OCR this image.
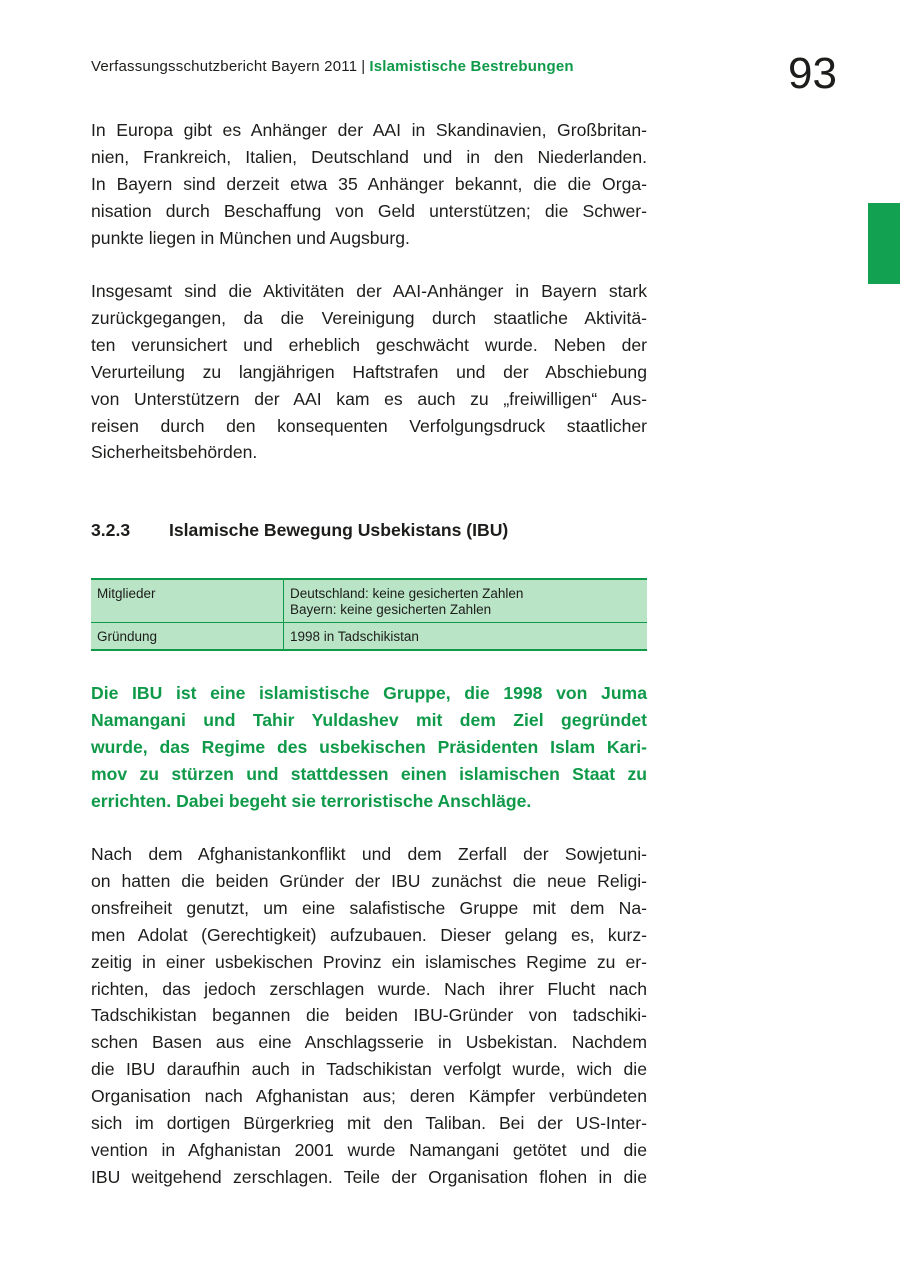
Verfassungsschutzbericht Bayern 2011 | Islamistische Bestrebungen	93

In Europa gibt es Anhänger der AAI in Skandinavien, Großbritan-
nien, Frankreich, Italien, Deutschland und in den Niederlanden.
In Bayern sind derzeit etwa 35 Anhänger bekannt, die die Orga-
nisation durch Beschaffung von Geld unterstützen; die Schwer-
punkte liegen in München und Augsburg.

Insgesamt sind die Aktivitäten der AAI-Anhänger in Bayern stark
zurückgegangen, da die Vereinigung durch staatliche Aktivitä-
ten verunsichert und erheblich geschwächt wurde. Neben der
Verurteilung zu langjährigen Haftstrafen und der Abschiebung
von Unterstützern der AAI kam es auch zu „freiwilligen“ Aus-
reisen durch den konsequenten Verfolgungsdruck staatlicher
Sicherheitsbehörden.

3.2.3 Islamische Bewegung Usbekistans (IBU)
Mitglieder	Deutschland: keine gesicherten Zahlen
Bayern: keine gesicherten Zahlen
Gründung	1998 in Tadschikistan

Die IBU ist eine islamistische Gruppe, die 1998 von Juma
Namangani und Tahir Yuldashev mit dem Ziel gegründet
wurde, das Regime des usbekischen Präsidenten Islam Kari-
mov zu stürzen und stattdessen einen islamischen Staat zu
errichten. Dabei begeht sie terroristische Anschläge.

Nach dem Afghanistankonflikt und dem Zerfall der Sowjetuni-
on hatten die beiden Gründer der IBU zunächst die neue Religi-
onsfreiheit genutzt, um eine salafistische Gruppe mit dem Na-
men Adolat (Gerechtigkeit) aufzubauen. Dieser gelang es, kurz-
zeitig in einer usbekischen Provinz ein islamisches Regime zu er-
richten, das jedoch zerschlagen wurde. Nach ihrer Flucht nach
Tadschikistan begannen die beiden IBU-Gründer von tadschiki-
schen Basen aus eine Anschlagsserie in Usbekistan. Nachdem
die IBU daraufhin auch in Tadschikistan verfolgt wurde, wich die
Organisation nach Afghanistan aus; deren Kämpfer verbündeten
sich im dortigen Bürgerkrieg mit den Taliban. Bei der US-Inter-
vention in Afghanistan 2001 wurde Namangani getötet und die
IBU weitgehend zerschlagen. Teile der Organisation flohen in die
